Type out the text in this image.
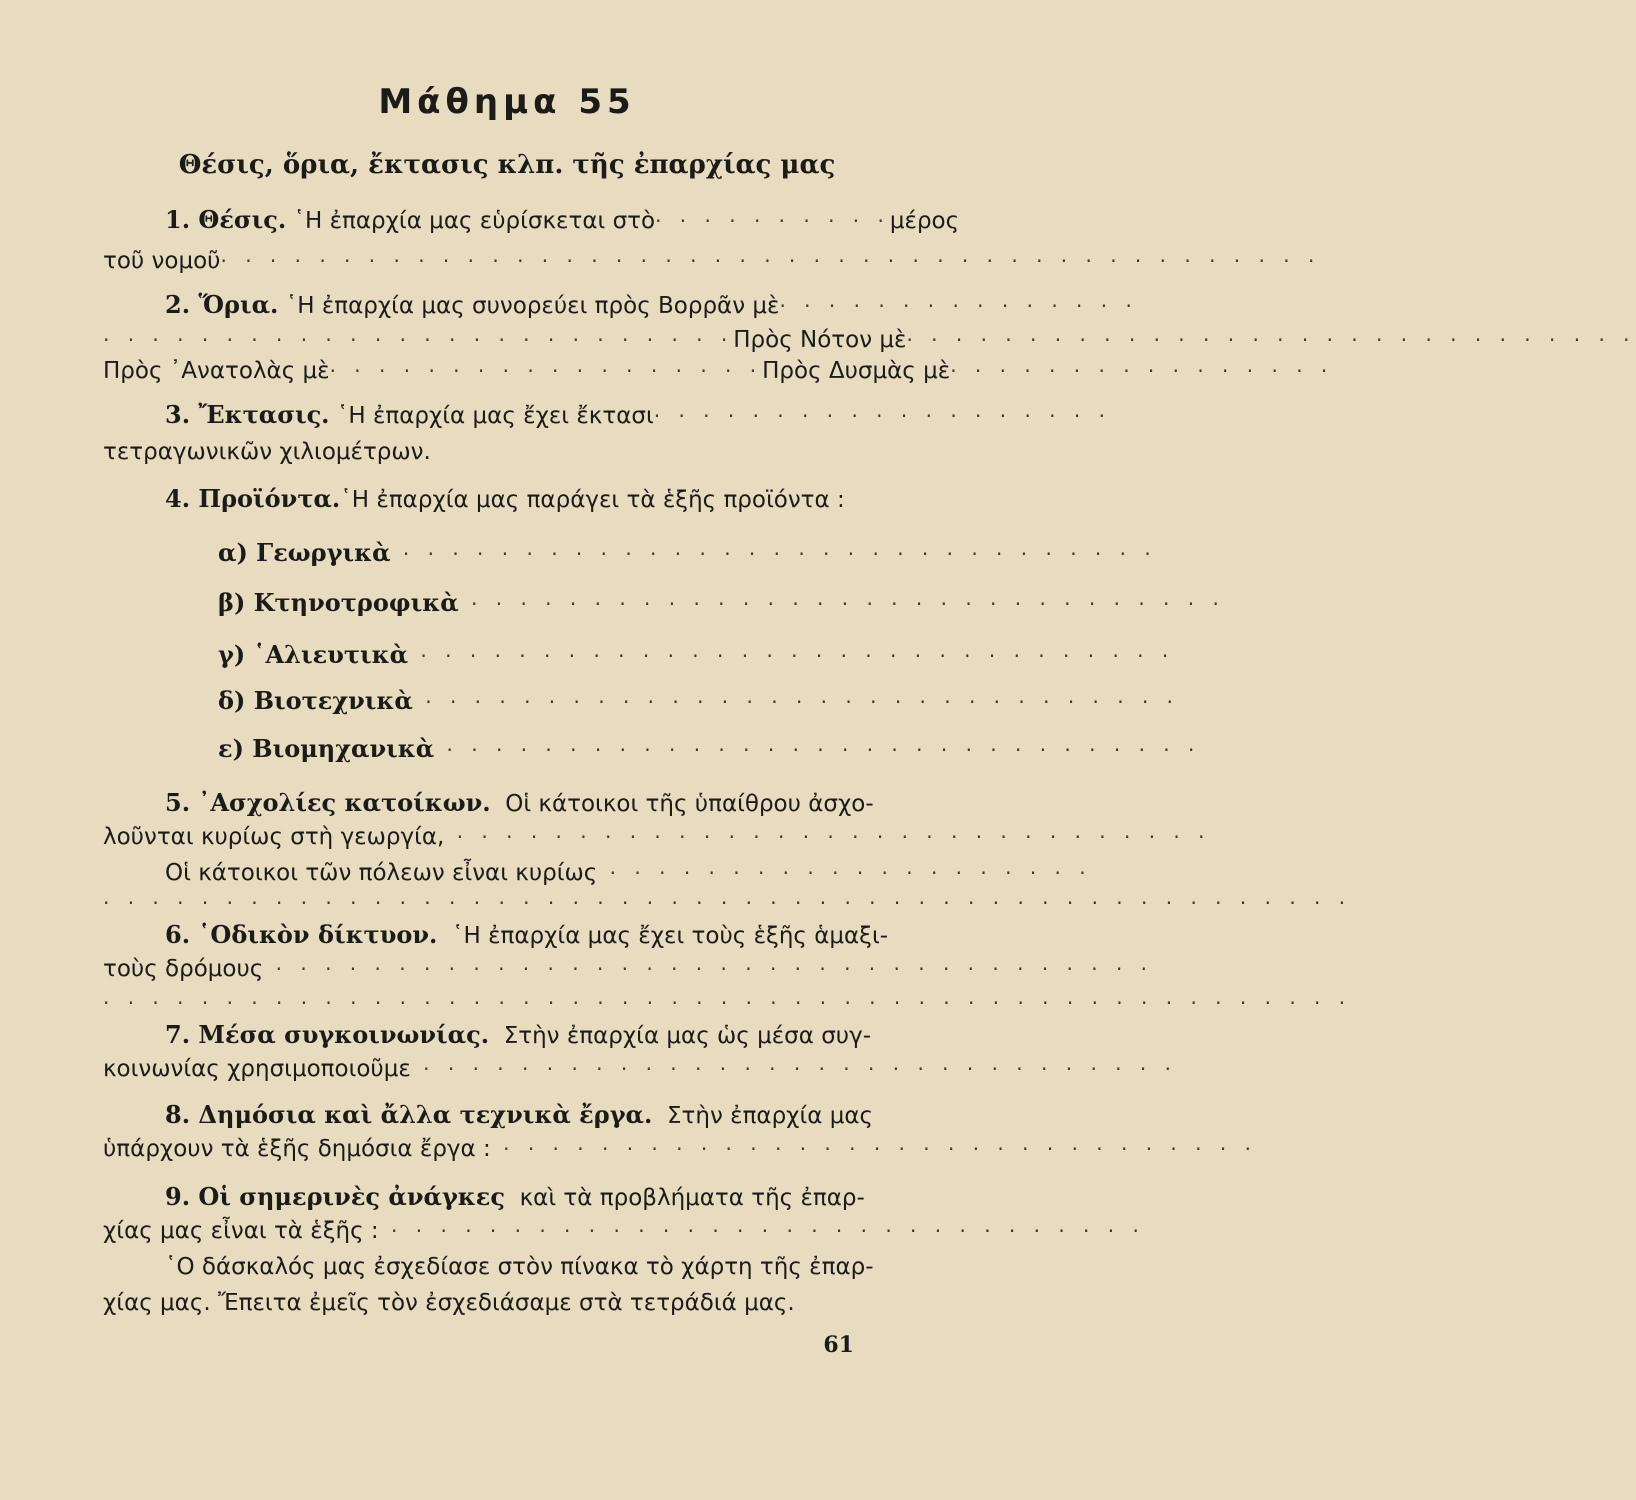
Μάθημα 55
Θέσις, ὅρια, ἔκτασις κλπ. τῆς ἐπαρχίας μας
1. Θέσις.
῾Η ἐπαρχία μας εὑρίσκεται στὸ · · · · · · · · · · μέρος
τοῦ νομοῦ · · · · · · · · · · · · · · · · · · · · · · · · · · · · · · · · · · · · · · · · · · · · ·
2. Ὅρια.
῾Η ἐπαρχία μας συνορεύει πρὸς Βορρᾶν μὲ · · · · · · · · · · · · · · ·
· · · · · · · · · · · · · · · · · · · · · · · · · · Πρὸς Νότον μὲ · · · · · · · · · · · · · · · · · · · · · · · · · · · · · ·
Πρὸς ᾿Ανατολὰς μὲ · · · · · · · · · · · · · · · · · · Πρὸς Δυσμὰς μὲ · · · · · · · · · · · · · · · ·
3. Ἔκτασις.
῾Η ἐπαρχία μας ἔχει ἔκτασι · · · · · · · · · · · · · · · · · · ·
τετραγωνικῶν χιλιομέτρων.
4. Προϊόντα.῾Η ἐπαρχία μας παράγει τὰ ἑξῆς προϊόντα :
α) Γεωργικὰ · · · · · · · · · · · · · · · · · · · · · · · · · · · · · · ·
β) Κτηνοτροφικὰ · · · · · · · · · · · · · · · · · · · · · · · · · · · · · · ·
γ) ῾Αλιευτικὰ · · · · · · · · · · · · · · · · · · · · · · · · · · · · · · ·
δ) Βιοτεχνικὰ · · · · · · · · · · · · · · · · · · · · · · · · · · · · · · ·
ε) Βιομηχανικὰ · · · · · · · · · · · · · · · · · · · · · · · · · · · · · · ·
5. ᾿Ασχολίες κατοίκων. Οἱ κάτοικοι τῆς ὑπαίθρου ἀσχο-
λοῦνται κυρίως στὴ γεωργία, · · · · · · · · · · · · · · · · · · · · · · · · · · · · · · ·
Οἱ κάτοικοι τῶν πόλεων εἶναι κυρίως · · · · · · · · · · · · · · · · · · · ·
· · · · · · · · · · · · · · · · · · · · · · · · · · · · · · · · · · · · · · · · · · · · · · · · · · ·
6. ῾Οδικὸν δίκτυον. ῾Η ἐπαρχία μας ἔχει τοὺς ἑξῆς ἁμαξι-
τοὺς δρόμους · · · · · · · · · · · · · · · · · · · · · · · · · · · · · · · · · · · ·
· · · · · · · · · · · · · · · · · · · · · · · · · · · · · · · · · · · · · · · · · · · · · · · · · · ·
7. Μέσα συγκοινωνίας. Στὴν ἐπαρχία μας ὡς μέσα συγ-
κοινωνίας χρησιμοποιοῦμε · · · · · · · · · · · · · · · · · · · · · · · · · · · · · · ·
8. Δημόσια καὶ ἄλλα τεχνικὰ ἔργα. Στὴν ἐπαρχία μας
ὑπάρχουν τὰ ἑξῆς δημόσια ἔργα : · · · · · · · · · · · · · · · · · · · · · · · · · · · · · · ·
9. Οἱ σημερινὲς ἀνάγκες καὶ τὰ προβλήματα τῆς ἐπαρ-
χίας μας εἶναι τὰ ἑξῆς : · · · · · · · · · · · · · · · · · · · · · · · · · · · · · · ·
῾Ο δάσκαλός μας ἐσχεδίασε στὸν πίνακα τὸ χάρτη τῆς ἐπαρ-
χίας μας. Ἔπειτα ἐμεῖς τὸν ἐσχεδιάσαμε στὰ τετράδιά μας.
61
